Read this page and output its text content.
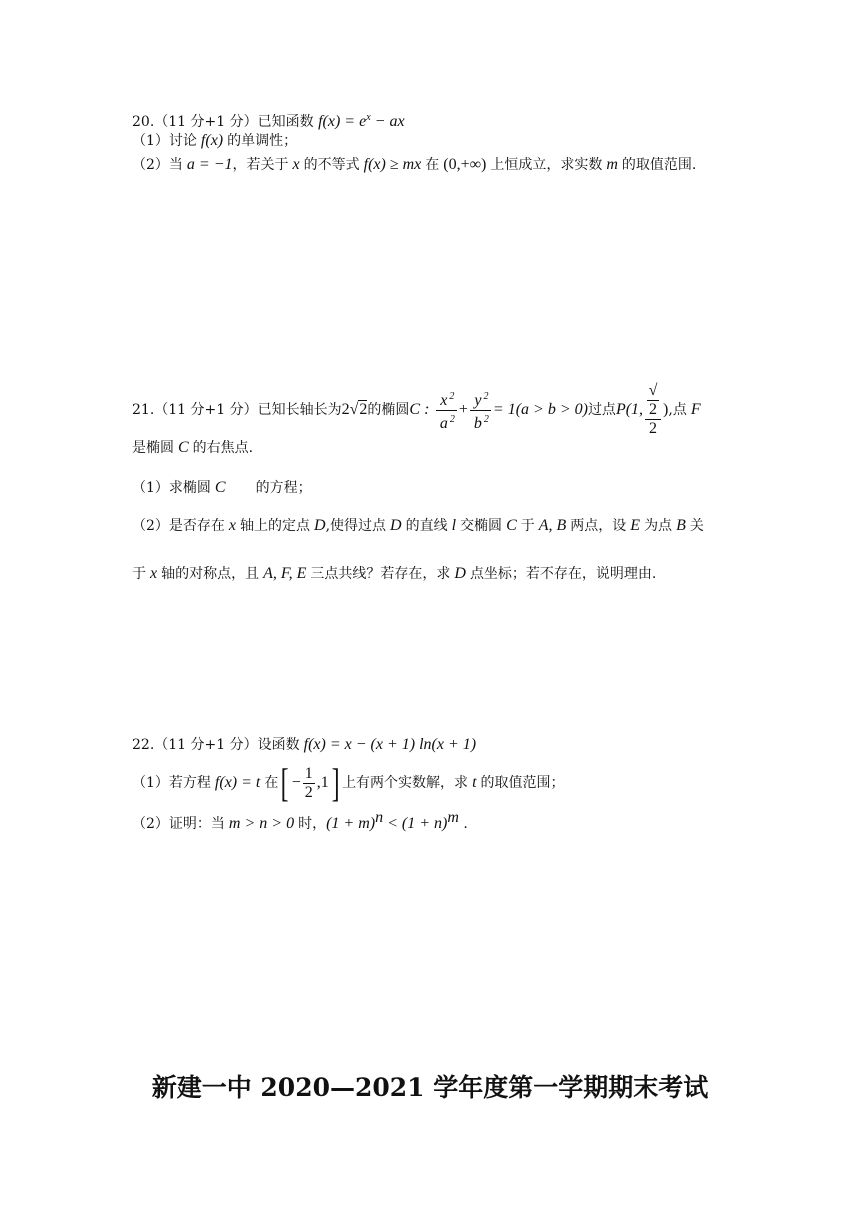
20.（11 分+1 分）已知函数 $f(x) = e^x$ − ax
（1）讨论 f(x) 的单调性；
（2）当 a = −1，若关于 x 的不等式 f(x) ≥ mx 在 (0,+∞) 上恒成立，求实数 m 的取值范围.
21.（11 分+1 分）已知长轴长为2√2的椭圆C : $\frac{x ^2}{a ^2} + \frac{y ^2}{b ^2} = 1(a > b > 0)$过点P(1, √
2
2 ),点 F
是椭圆 C 的右焦点.
（1）求椭圆 C 的方程；
（2）是否存在 x 轴上的定点 D,使得过点 D 的直线 l 交椭圆 C 于 A, B 两点，设 E 为点 B 关
于 x 轴的对称点，且 A, F, E 三点共线？若存在，求 D 点坐标；若不存在，说明理由.
22.（11 分+1 分）设函数 f(x) = x − (x + 1) ln(x + 1)
（1）若方程 f(x) = t 在[ − $\frac{1}{2} ,1$] 上有两个实数解，求 t 的取值范围；
（2）证明：当 m > n > 0 时，$(1 + m)^n < (1 + n)^m$ .
新建一中 2020—2021 学年度第一学期期末考试
